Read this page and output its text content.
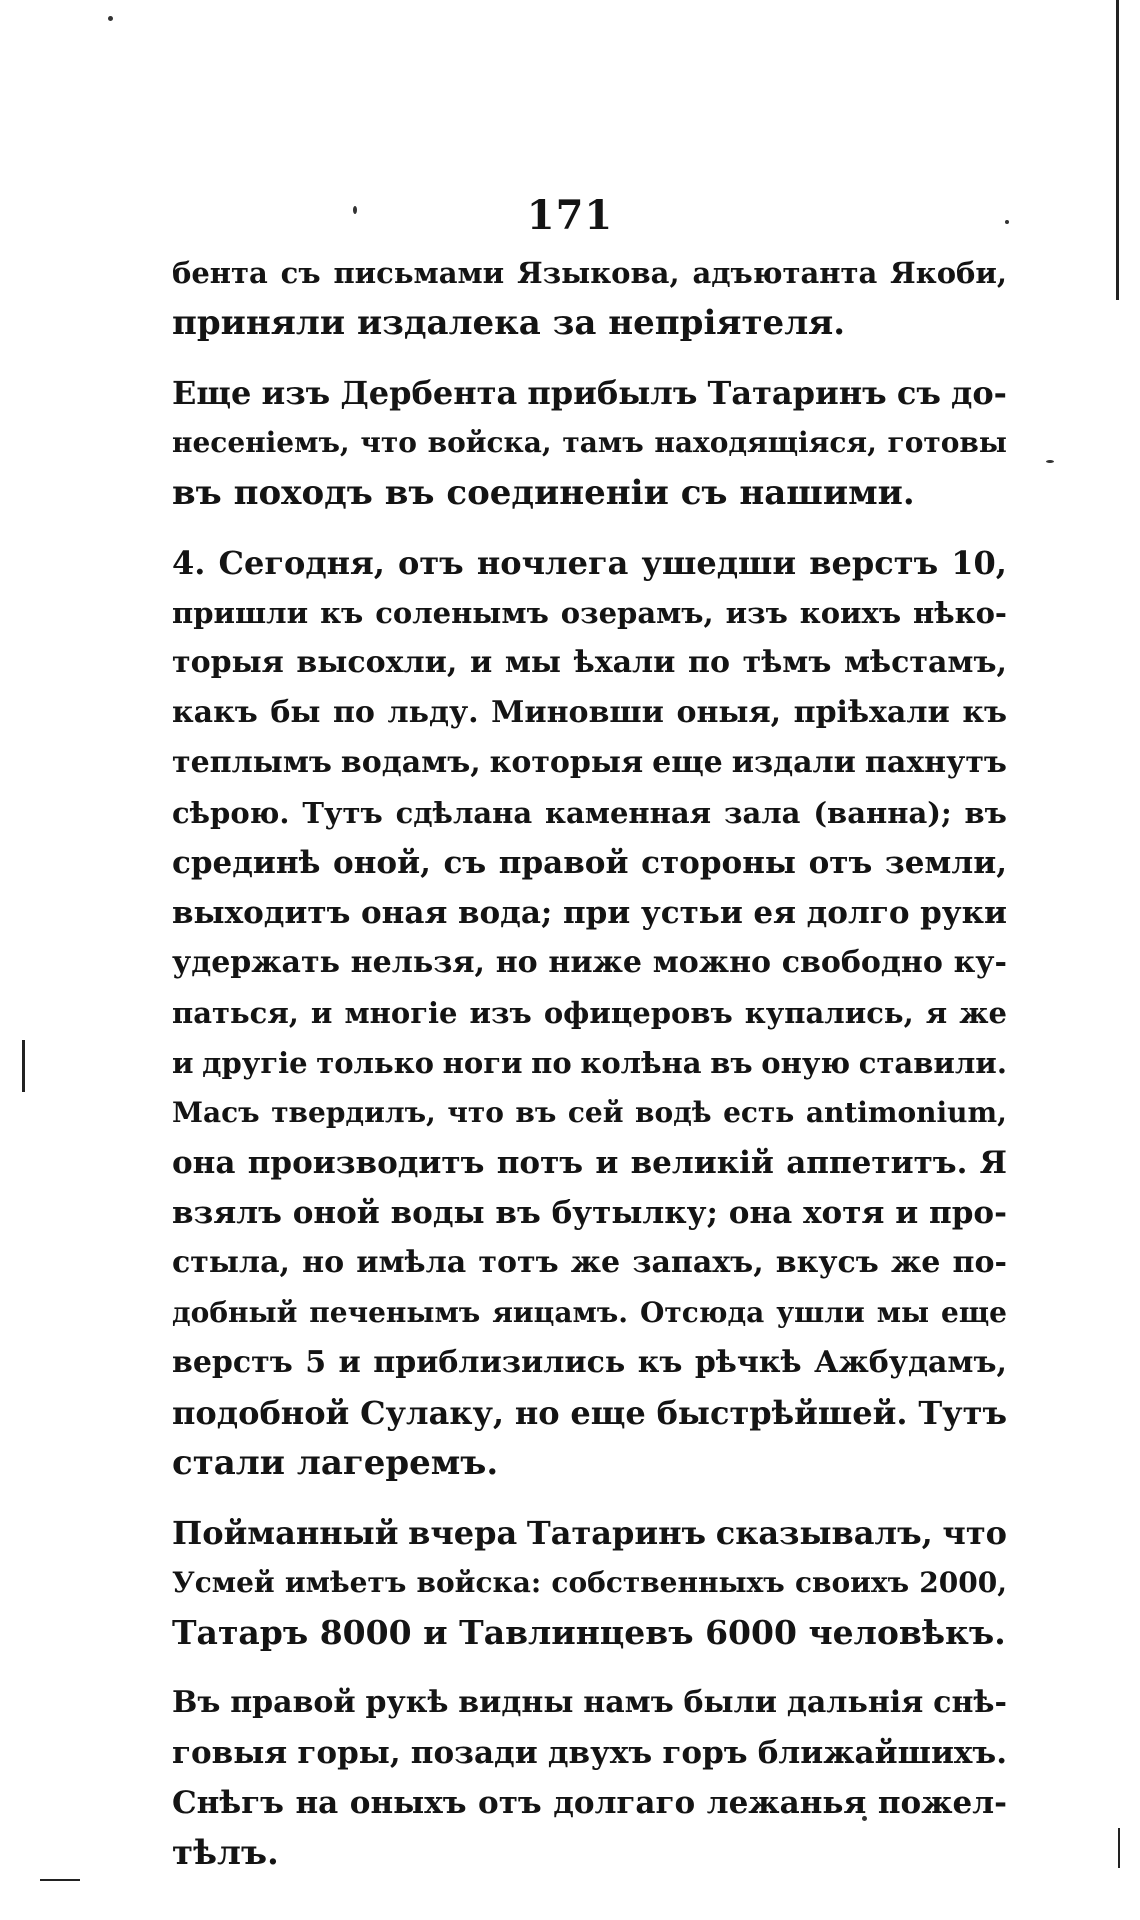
171
бента съ письмами Языкова, адъютанта Якоби,
приняли издалека за непріятеля.
Еще изъ Дербента прибылъ Татаринъ съ до-
несеніемъ, что войска, тамъ находящіяся, готовы
въ походъ въ соединеніи съ нашими.
4. Сегодня, отъ ночлега ушедши верстъ 10,
пришли къ соленымъ озерамъ, изъ коихъ нѣко-
торыя высохли, и мы ѣхали по тѣмъ мѣстамъ,
какъ бы по льду. Миновши оныя, пріѣхали къ
теплымъ водамъ, которыя еще издали пахнутъ
сѣрою. Тутъ сдѣлана каменная зала (ванна); въ
срединѣ оной, съ правой стороны отъ земли,
выходитъ оная вода; при устьи ея долго руки
удержать нельзя, но ниже можно свободно ку-
паться, и многіе изъ офицеровъ купались, я же
и другіе только ноги по колѣна въ оную ставили.
Масъ твердилъ, что въ сей водѣ есть antimonium,
она производитъ потъ и великій аппетитъ. Я
взялъ оной воды въ бутылку; она хотя и про-
стыла, но имѣла тотъ же запахъ, вкусъ же по-
добный печенымъ яицамъ. Отсюда ушли мы еще
верстъ 5 и приблизились къ рѣчкѣ Ажбудамъ,
подобной Сулаку, но еще быстрѣйшей. Тутъ
стали лагеремъ.
Пойманный вчера Татаринъ сказывалъ, что
Усмей имѣетъ войска: собственныхъ своихъ 2000,
Татаръ 8000 и Тавлинцевъ 6000 человѣкъ.
Въ правой рукѣ видны намъ были дальнія снѣ-
говыя горы, позади двухъ горъ ближайшихъ.
Снѣгъ на оныхъ отъ долгаго лежанья пожел-
тѣлъ.
